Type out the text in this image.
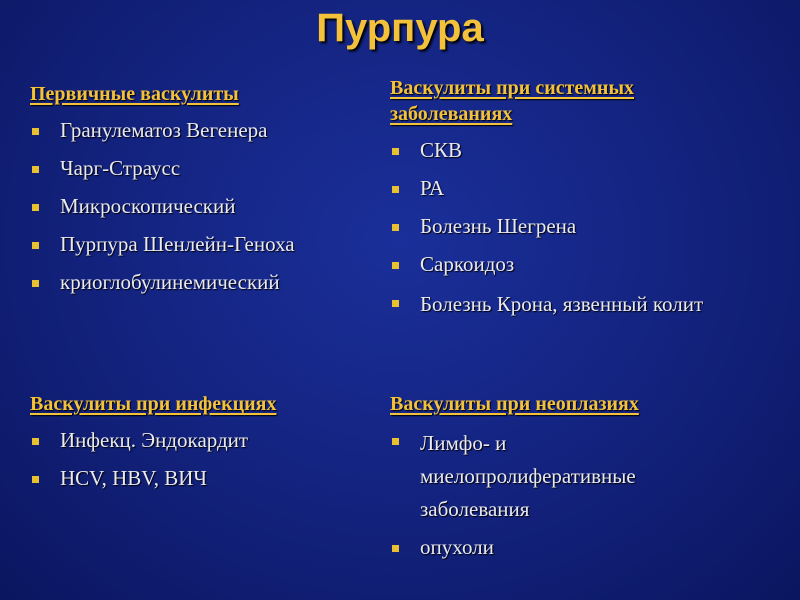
Пурпура
Первичные васкулиты
Гранулематоз Вегенера
Чарг-Страусс
Микроскопический
Пурпура Шенлейн-Геноха
криоглобулинемический
Васкулиты при системных заболеваниях
СКВ
РА
Болезнь Шегрена
Саркоидоз
Болезнь Крона, язвенный колит
Васкулиты при инфекциях
Инфекц. Эндокардит
HCV, HBV, ВИЧ
Васкулиты при неоплазиях
Лимфо- и миелопролиферативные заболевания
опухоли
